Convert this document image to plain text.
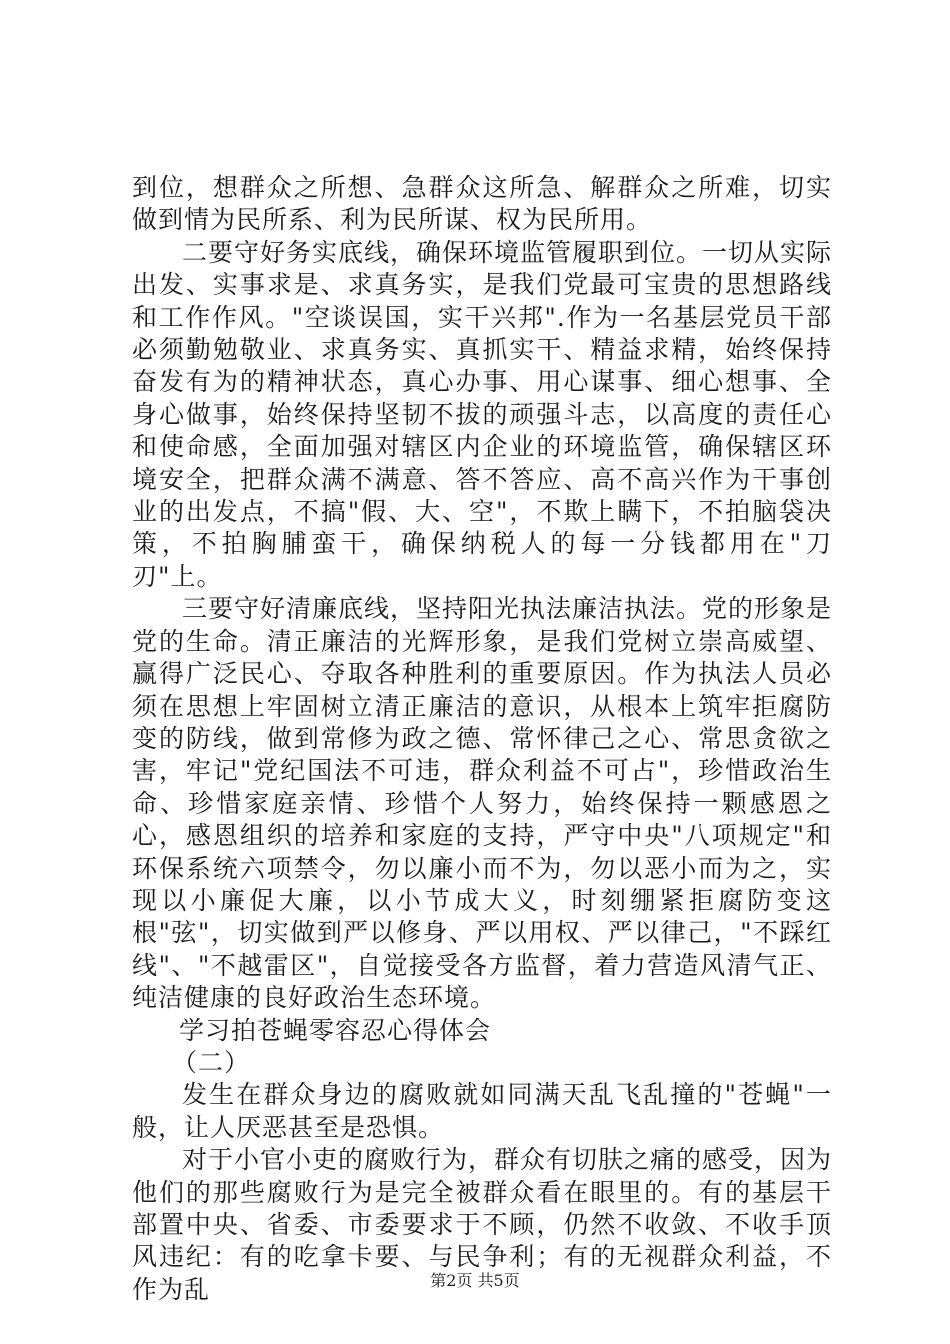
到位，想群众之所想、急群众这所急、解群众之所难，切实做到情为民所系、利为民所谋、权为民所用。

二要守好务实底线，确保环境监管履职到位。一切从实际出发、实事求是、求真务实，是我们党最可宝贵的思想路线和工作作风。"空谈误国，实干兴邦".作为一名基层党员干部必须勤勉敬业、求真务实、真抓实干、精益求精，始终保持奋发有为的精神状态，真心办事、用心谋事、细心想事、全身心做事，始终保持坚韧不拔的顽强斗志，以高度的责任心和使命感，全面加强对辖区内企业的环境监管，确保辖区环境安全，把群众满不满意、答不答应、高不高兴作为干事创业的出发点，不搞"假、大、空"，不欺上瞒下，不拍脑袋决策，不拍胸脯蛮干，确保纳税人的每一分钱都用在"刀刃"上。

三要守好清廉底线，坚持阳光执法廉洁执法。党的形象是党的生命。清正廉洁的光辉形象，是我们党树立崇高威望、赢得广泛民心、夺取各种胜利的重要原因。作为执法人员必须在思想上牢固树立清正廉洁的意识，从根本上筑牢拒腐防变的防线，做到常修为政之德、常怀律己之心、常思贪欲之害，牢记"党纪国法不可违，群众利益不可占"，珍惜政治生命、珍惜家庭亲情、珍惜个人努力，始终保持一颗感恩之心，感恩组织的培养和家庭的支持，严守中央"八项规定"和环保系统六项禁令，勿以廉小而不为，勿以恶小而为之，实现以小廉促大廉，以小节成大义，时刻绷紧拒腐防变这根"弦"，切实做到严以修身、严以用权、严以律己，"不踩红线"、"不越雷区"，自觉接受各方监督，着力营造风清气正、纯洁健康的良好政治生态环境。

学习拍苍蝇零容忍心得体会

（二）

发生在群众身边的腐败就如同满天乱飞乱撞的"苍蝇"一般，让人厌恶甚至是恐惧。

对于小官小吏的腐败行为，群众有切肤之痛的感受，因为他们的那些腐败行为是完全被群众看在眼里的。有的基层干部置中央、省委、市委要求于不顾，仍然不收敛、不收手顶风违纪：有的吃拿卡要、与民争利；有的无视群众利益，不作为乱	第2页 共5页
